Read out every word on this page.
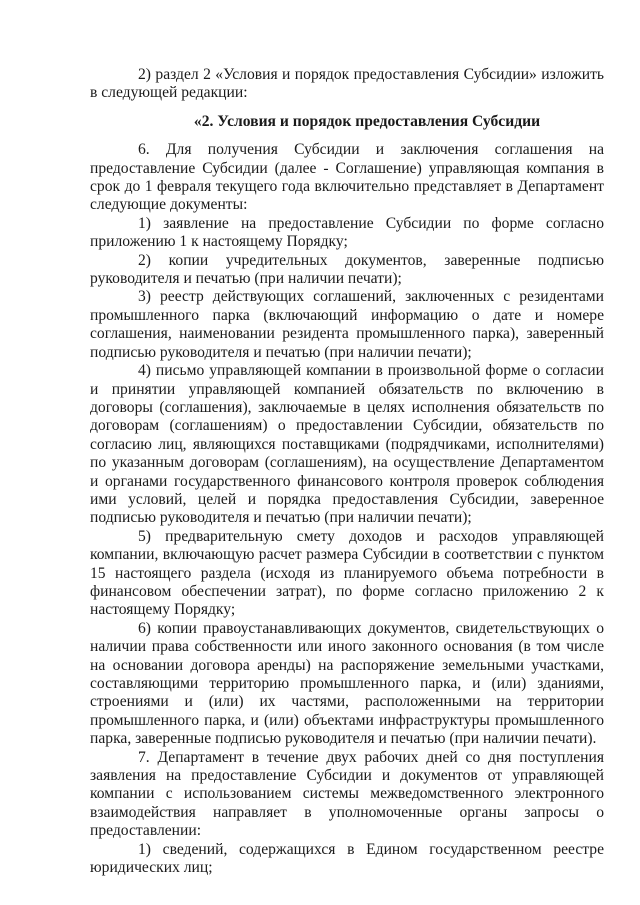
2) раздел 2 «Условия и порядок предоставления Субсидии» изложить в следующей редакции:

«2. Условия и порядок предоставления Субсидии

6. Для получения Субсидии и заключения соглашения на предоставление Субсидии (далее - Соглашение) управляющая компания в срок до 1 февраля текущего года включительно представляет в Департамент следующие документы:

1) заявление на предоставление Субсидии по форме согласно приложению 1 к настоящему Порядку;

2) копии учредительных документов, заверенные подписью руководителя и печатью (при наличии печати);

3) реестр действующих соглашений, заключенных с резидентами промышленного парка (включающий информацию о дате и номере соглашения, наименовании резидента промышленного парка), заверенный подписью руководителя и печатью (при наличии печати);

4) письмо управляющей компании в произвольной форме о согласии и принятии управляющей компанией обязательств по включению в договоры (соглашения), заключаемые в целях исполнения обязательств по договорам (соглашениям) о предоставлении Субсидии, обязательств по согласию лиц, являющихся поставщиками (подрядчиками, исполнителями) по указанным договорам (соглашениям), на осуществление Департаментом и органами государственного финансового контроля проверок соблюдения ими условий, целей и порядка предоставления Субсидии, заверенное подписью руководителя и печатью (при наличии печати);

5) предварительную смету доходов и расходов управляющей компании, включающую расчет размера Субсидии в соответствии с пунктом 15 настоящего раздела (исходя из планируемого объема потребности в финансовом обеспечении затрат), по форме согласно приложению 2 к настоящему Порядку;

6) копии правоустанавливающих документов, свидетельствующих о наличии права собственности или иного законного основания (в том числе на основании договора аренды) на распоряжение земельными участками, составляющими территорию промышленного парка, и (или) зданиями, строениями и (или) их частями, расположенными на территории промышленного парка, и (или) объектами инфраструктуры промышленного парка, заверенные подписью руководителя и печатью (при наличии печати).

7. Департамент в течение двух рабочих дней со дня поступления заявления на предоставление Субсидии и документов от управляющей компании с использованием системы межведомственного электронного взаимодействия направляет в уполномоченные органы запросы о предоставлении:

1) сведений, содержащихся в Едином государственном реестре юридических лиц;
